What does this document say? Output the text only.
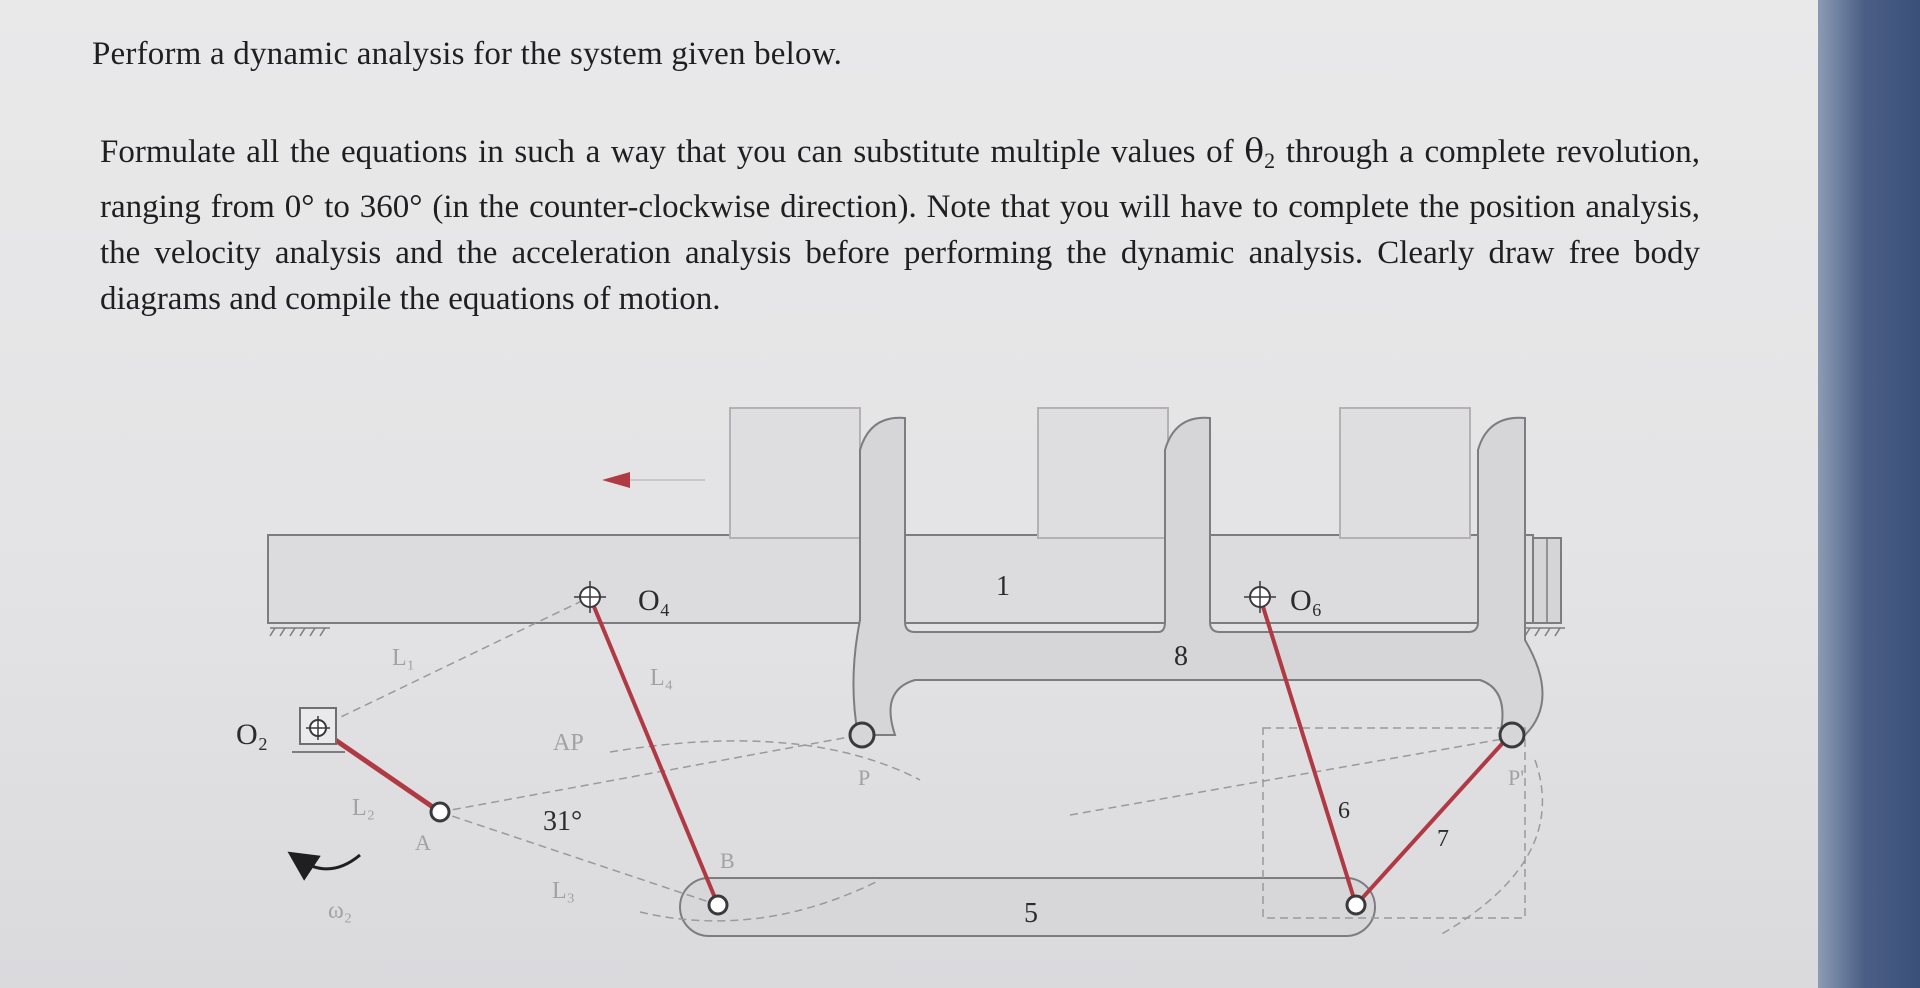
Perform a dynamic analysis for the system given below.

Formulate all the equations in such a way that you can substitute multiple values of $\theta_2$ through a complete revolution, ranging from 0° to 360° (in the counter-clockwise direction). Note that you will have to complete the position analysis, the velocity analysis and the acceleration analysis before performing the dynamic analysis. Clearly draw free body diagrams and compile the equations of motion.

O₂
O₄	O₆
1
8
5
6
7
31°
L₁
L₂
L₃
L₄
A
B
P	P'
AP
ω₂
